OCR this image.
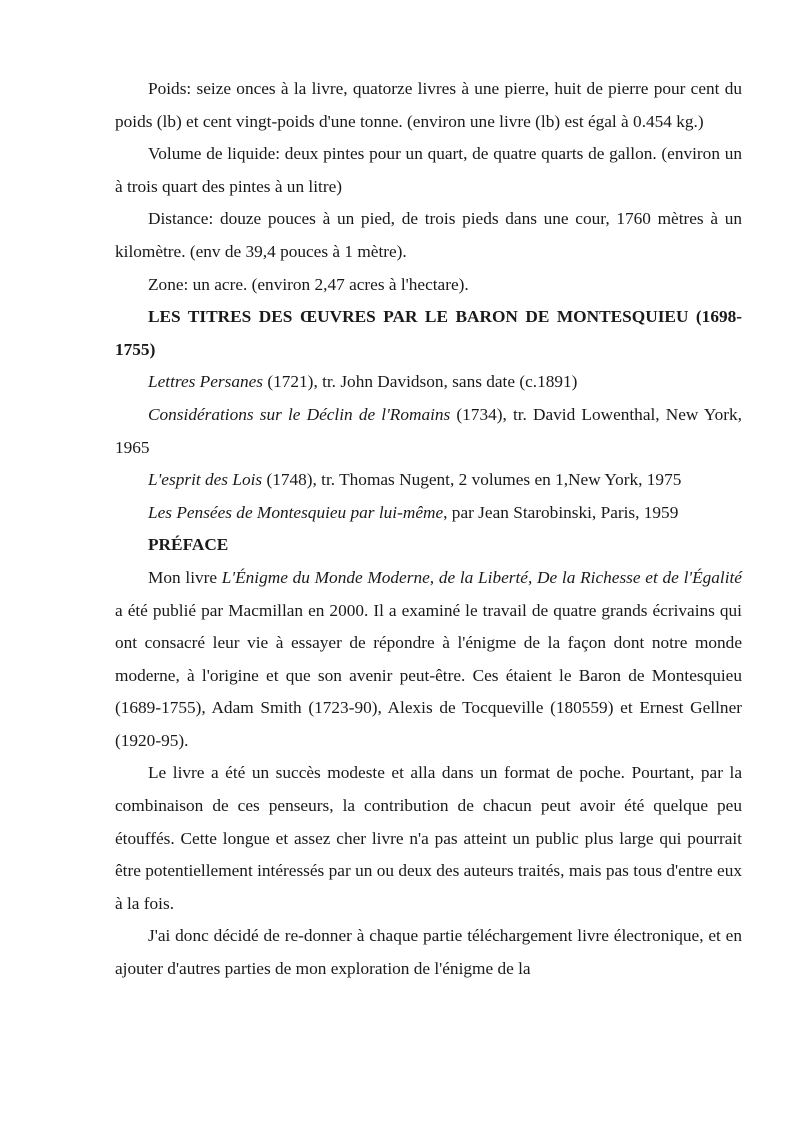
Poids: seize onces à la livre, quatorze livres à une pierre, huit de pierre pour cent du poids (lb) et cent vingt-poids d'une tonne. (environ une livre (lb) est égal à 0.454 kg.)

Volume de liquide: deux pintes pour un quart, de quatre quarts de gallon. (environ un à trois quart des pintes à un litre)

Distance: douze pouces à un pied, de trois pieds dans une cour, 1760 mètres à un kilomètre. (env de 39,4 pouces à 1 mètre).

Zone: un acre. (environ 2,47 acres à l'hectare).

LES TITRES DES ŒUVRES PAR LE BARON DE MONTESQUIEU (1698-1755)

Lettres Persanes (1721), tr. John Davidson, sans date (c.1891)

Considérations sur le Déclin de l'Romains (1734), tr. David Lowenthal, New York, 1965

L'esprit des Lois (1748), tr. Thomas Nugent, 2 volumes en 1,New York, 1975

Les Pensées de Montesquieu par lui-même, par Jean Starobinski, Paris, 1959

PRÉFACE

Mon livre L'Énigme du Monde Moderne, de la Liberté, De la Richesse et de l'Égalité a été publié par Macmillan en 2000. Il a examiné le travail de quatre grands écrivains qui ont consacré leur vie à essayer de répondre à l'énigme de la façon dont notre monde moderne, à l'origine et que son avenir peut-être. Ces étaient le Baron de Montesquieu (1689-1755), Adam Smith (1723-90), Alexis de Tocqueville (180559) et Ernest Gellner (1920-95).

Le livre a été un succès modeste et alla dans un format de poche. Pourtant, par la combinaison de ces penseurs, la contribution de chacun peut avoir été quelque peu étouffés. Cette longue et assez cher livre n'a pas atteint un public plus large qui pourrait être potentiellement intéressés par un ou deux des auteurs traités, mais pas tous d'entre eux à la fois.

J'ai donc décidé de re-donner à chaque partie téléchargement livre électronique, et en ajouter d'autres parties de mon exploration de l'énigme de la
